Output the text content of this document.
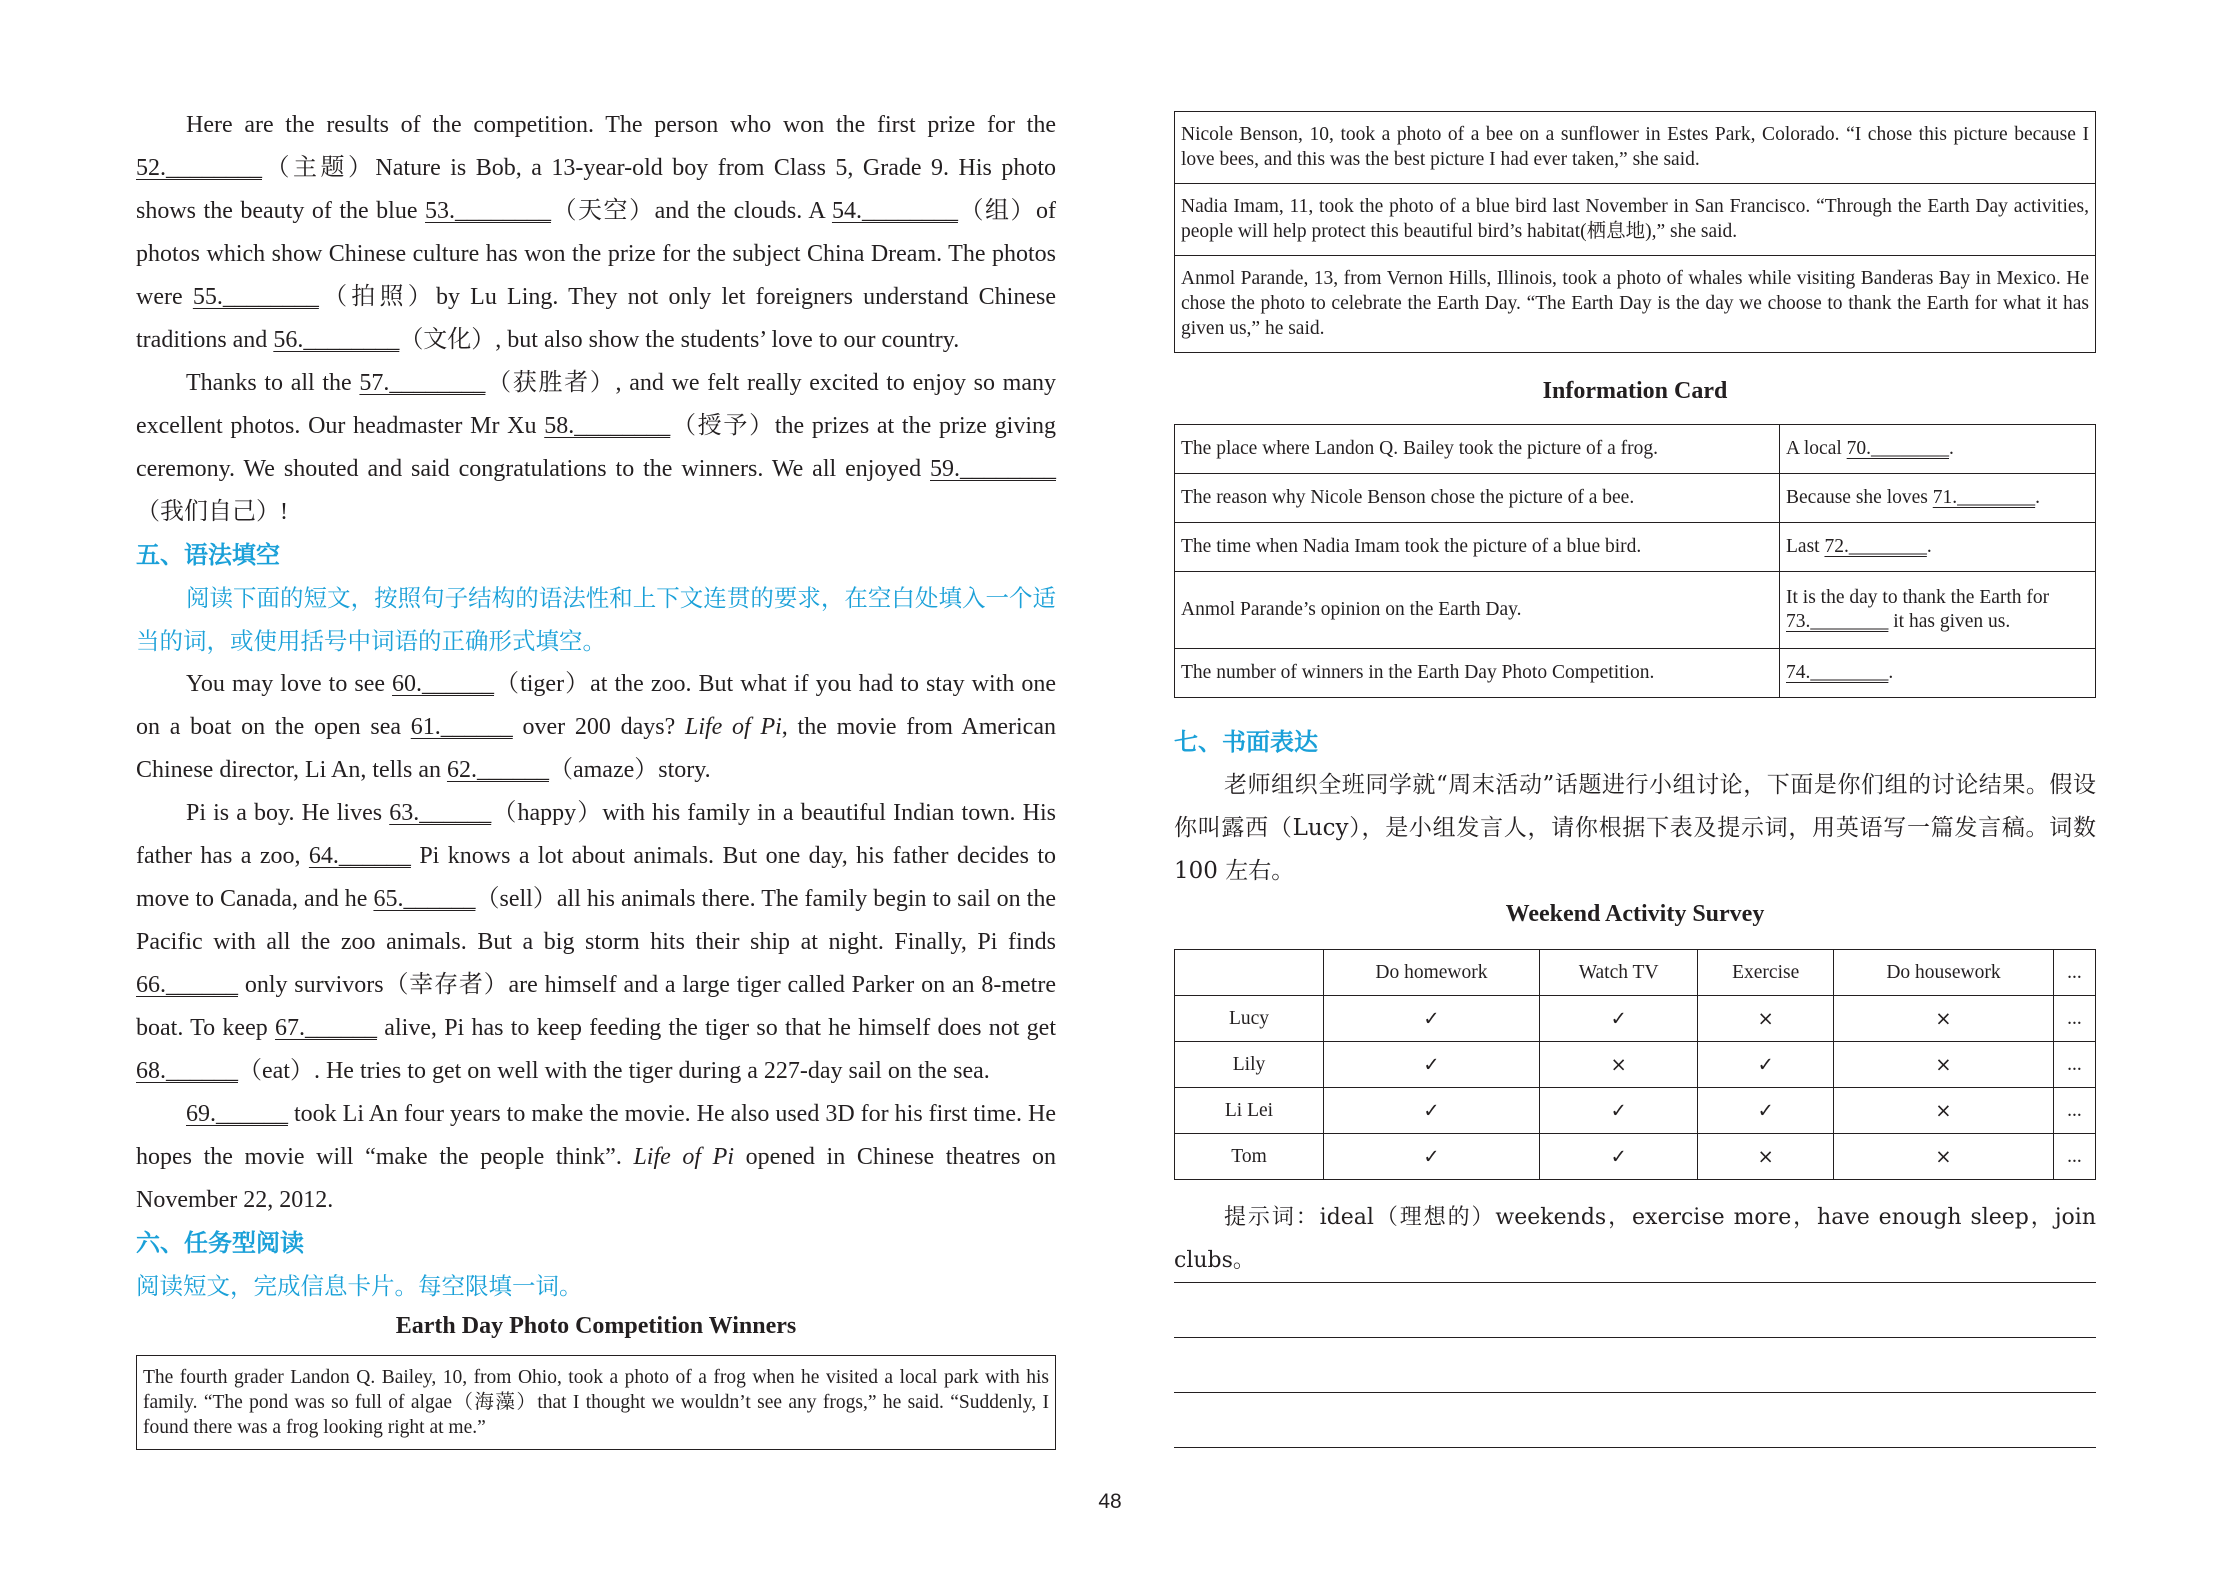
Here are the results of the competition. The person who won the first prize for the 52.________（主题）Nature is Bob, a 13-year-old boy from Class 5, Grade 9. His photo shows the beauty of the blue 53.________（天空）and the clouds. A 54.________（组）of photos which show Chinese culture has won the prize for the subject China Dream. The photos were 55.________（拍照）by Lu Ling. They not only let foreigners understand Chinese traditions and 56.________（文化）, but also show the students’ love to our country.

Thanks to all the 57.________（获胜者）, and we felt really excited to enjoy so many excellent photos. Our headmaster Mr Xu 58.________（授予）the prizes at the prize giving ceremony. We shouted and said congratulations to the winners. We all enjoyed 59.________（我们自己）!

五、语法填空

阅读下面的短文，按照句子结构的语法性和上下文连贯的要求，在空白处填入一个适当的词，或使用括号中词语的正确形式填空。

You may love to see 60.______（tiger）at the zoo. But what if you had to stay with one on a boat on the open sea 61.______ over 200 days? Life of Pi, the movie from American Chinese director, Li An, tells an 62.______（amaze）story.

Pi is a boy. He lives 63.______（happy）with his family in a beautiful Indian town. His father has a zoo, 64.______ Pi knows a lot about animals. But one day, his father decides to move to Canada, and he 65.______（sell）all his animals there. The family begin to sail on the Pacific with all the zoo animals. But a big storm hits their ship at night. Finally, Pi finds 66.______ only survivors（幸存者）are himself and a large tiger called Parker on an 8-metre boat. To keep 67.______ alive, Pi has to keep feeding the tiger so that he himself does not get 68.______（eat）. He tries to get on well with the tiger during a 227-day sail on the sea.

69.______ took Li An four years to make the movie. He also used 3D for his first time. He hopes the movie will “make the people think”. Life of Pi opened in Chinese theatres on November 22, 2012.

六、任务型阅读

阅读短文，完成信息卡片。每空限填一词。

Earth Day Photo Competition Winners
The fourth grader Landon Q. Bailey, 10, from Ohio, took a photo of a frog when he visited a local park with his family. “The pond was so full of algae（海藻）that I thought we wouldn’t see any frogs,” he said. “Suddenly, I found there was a frog looking right at me.”
Nicole Benson, 10, took a photo of a bee on a sunflower in Estes Park, Colorado. “I chose this picture because I love bees, and this was the best picture I had ever taken,” she said.
Nadia Imam, 11, took the photo of a blue bird last November in San Francisco. “Through the Earth Day activities, people will help protect this beautiful bird’s habitat(栖息地),” she said.
Anmol Parande, 13, from Vernon Hills, Illinois, took a photo of whales while visiting Banderas Bay in Mexico. He chose the photo to celebrate the Earth Day. “The Earth Day is the day we choose to thank the Earth for what it has given us,” he said.
Information Card
The place where Landon Q. Bailey took the picture of a frog.	A local 70.________.
The reason why Nicole Benson chose the picture of a bee.	Because she loves 71.________.
The time when Nadia Imam took the picture of a blue bird.	Last 72.________.
Anmol Parande’s opinion on the Earth Day.	It is the day to thank the Earth for 73.________ it has given us.
The number of winners in the Earth Day Photo Competition.	74.________.
七、书面表达

老师组织全班同学就“周末活动”话题进行小组讨论，下面是你们组的讨论结果。假设你叫露西（Lucy），是小组发言人，请你根据下表及提示词，用英语写一篇发言稿。词数 100 左右。

Weekend Activity Survey
	Do homework	Watch TV	Exercise	Do housework	...
Lucy	✓	✓	×	×	...
Lily	✓	×	✓	×	...
Li Lei	✓	✓	✓	×	...
Tom	✓	✓	×	×	...

提示词：ideal（理想的）weekends，exercise more，have enough sleep，join clubs。

48
